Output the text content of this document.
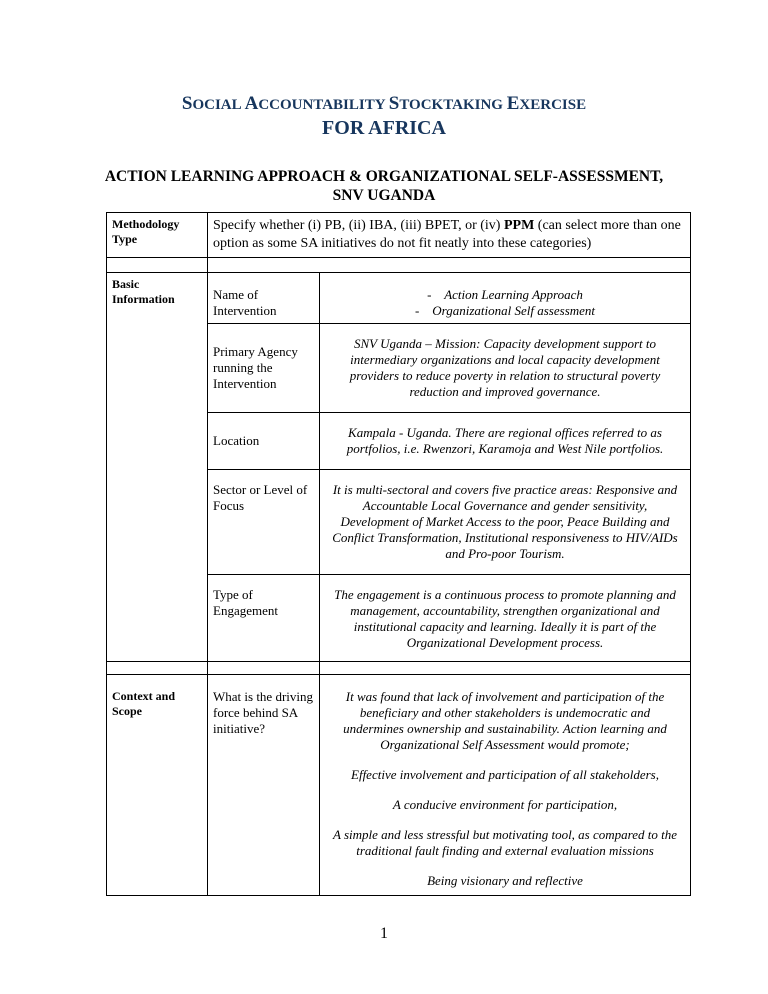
SOCIAL ACCOUNTABILITY STOCKTAKING EXERCISE
FOR AFRICA
ACTION LEARNING APPROACH & ORGANIZATIONAL SELF-ASSESSMENT, SNV UGANDA
Methodology Type	Specify whether (i) PB, (ii) IBA, (iii) BPET, or (iv) PPM (can select more than one option as some SA initiatives do not fit neatly into these categories)	

Basic Information	Name of Intervention	-    Action Learning Approach

-    Organizational Self assessment

	Primary Agency running the Intervention	SNV Uganda – Mission: Capacity development support to intermediary organizations and local capacity development providers to reduce poverty in relation to structural poverty reduction and improved governance.
	Location	Kampala - Uganda. There are regional offices referred to as portfolios, i.e. Rwenzori, Karamoja and West Nile portfolios.
	Sector or Level of Focus	It is multi-sectoral and covers five practice areas: Responsive and Accountable Local Governance and gender sensitivity, Development of Market Access to the poor, Peace Building and Conflict Transformation, Institutional responsiveness to HIV/AIDs and Pro-poor Tourism.
	Type of Engagement	The engagement is a continuous process to promote planning and management, accountability, strengthen organizational and institutional capacity and learning. Ideally it is part of the Organizational Development process.

Context and Scope	What is the driving force behind SA initiative?	It was found that lack of involvement and participation of the beneficiary and other stakeholders is undemocratic and undermines ownership and sustainability. Action learning and Organizational Self Assessment would promote;

Effective involvement and participation of all stakeholders,

A conducive environment for participation,

A simple and less stressful but motivating tool, as compared to the traditional fault finding and external evaluation missions

Being visionary and reflective

1
